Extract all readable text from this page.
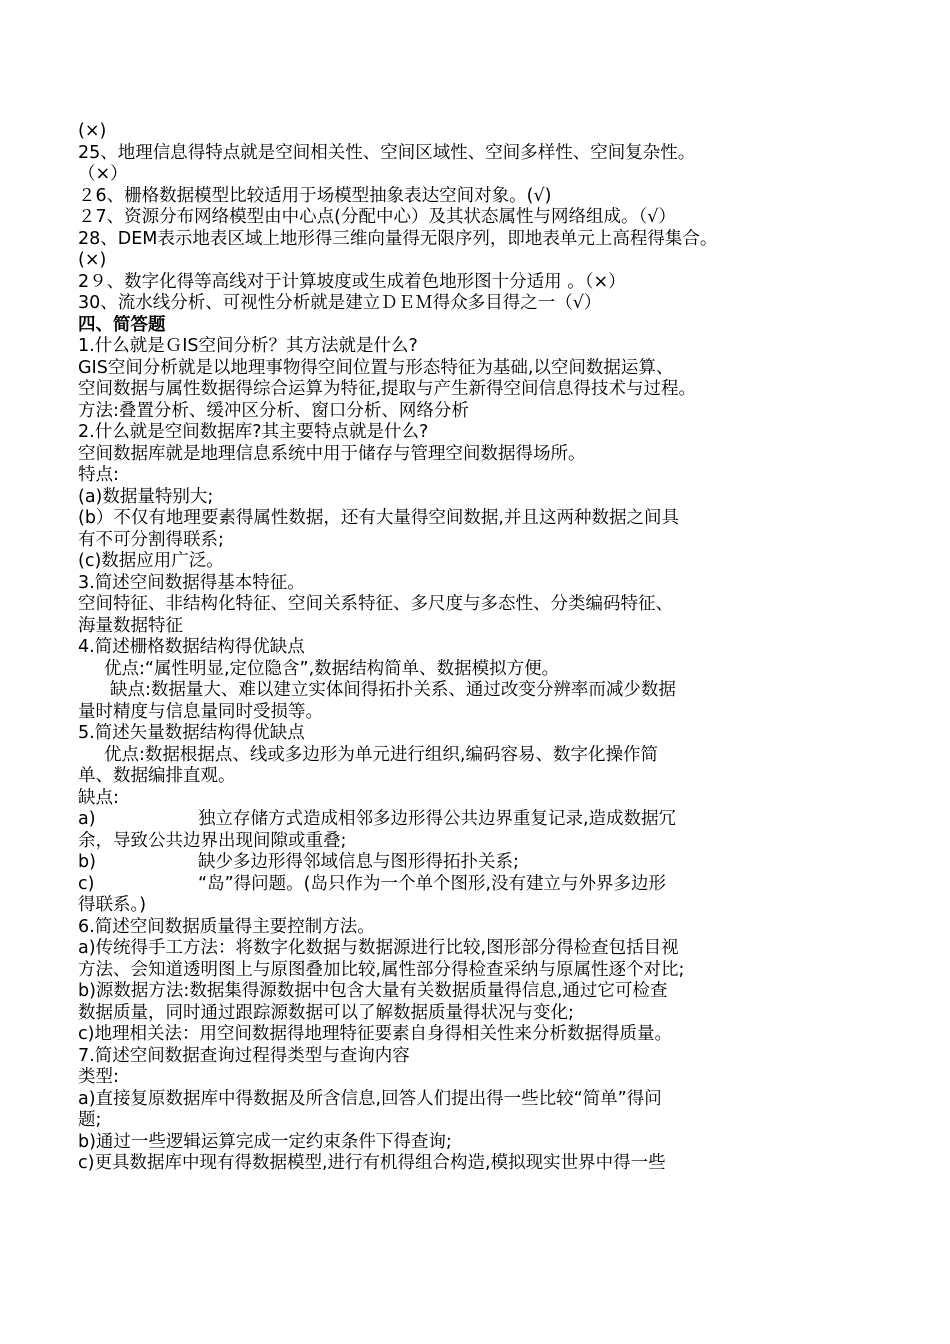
(×)
25、地理信息得特点就是空间相关性、空间区域性、空间多样性、空间复杂性。
（×）
２6、栅格数据模型比较适用于场模型抽象表达空间对象。(√)
２7、资源分布网络模型由中心点(分配中心）及其状态属性与网络组成。（√）
28、DEM表示地表区域上地形得三维向量得无限序列，即地表单元上高程得集合。
(×)
2９、数字化得等高线对于计算坡度或生成着色地形图十分适用 。（×）
30、流水线分析、可视性分析就是建立ＤＥＭ得众多目得之一（√）
四、简答题
1.什么就是ＧIS空间分析？其方法就是什么?
GIS空间分析就是以地理事物得空间位置与形态特征为基础,以空间数据运算、
空间数据与属性数据得综合运算为特征,提取与产生新得空间信息得技术与过程。
方法:叠置分析、缓冲区分析、窗口分析、网络分析
2.什么就是空间数据库?其主要特点就是什么?
空间数据库就是地理信息系统中用于储存与管理空间数据得场所。
特点:
(a)数据量特别大;
(b）不仅有地理要素得属性数据，还有大量得空间数据,并且这两种数据之间具
有不可分割得联系;
(c)数据应用广泛。
3.简述空间数据得基本特征。
空间特征、非结构化特征、空间关系特征、多尺度与多态性、分类编码特征、
海量数据特征
4.简述栅格数据结构得优缺点
优点:“属性明显,定位隐含”,数据结构简单、数据模拟方便。
缺点:数据量大、难以建立实体间得拓扑关系、通过改变分辨率而减少数据
量时精度与信息量同时受损等。
5.简述矢量数据结构得优缺点
优点:数据根据点、线或多边形为单元进行组织,编码容易、数字化操作简
单、数据编排直观。
缺点:
a)	独立存储方式造成相邻多边形得公共边界重复记录,造成数据冗
余，导致公共边界出现间隙或重叠;
b)	缺少多边形得邻域信息与图形得拓扑关系;
c)	“岛”得问题。(岛只作为一个单个图形,没有建立与外界多边形
得联系。)
6.简述空间数据质量得主要控制方法。
a)传统得手工方法：将数字化数据与数据源进行比较,图形部分得检查包括目视
方法、会知道透明图上与原图叠加比较,属性部分得检查采纳与原属性逐个对比;
b)源数据方法:数据集得源数据中包含大量有关数据质量得信息,通过它可检查
数据质量，同时通过跟踪源数据可以了解数据质量得状况与变化;
c)地理相关法：用空间数据得地理特征要素自身得相关性来分析数据得质量。
7.简述空间数据查询过程得类型与查询内容
类型:
a)直接复原数据库中得数据及所含信息,回答人们提出得一些比较“简单”得问
题;
b)通过一些逻辑运算完成一定约束条件下得查询;
c)更具数据库中现有得数据模型,进行有机得组合构造,模拟现实世界中得一些
